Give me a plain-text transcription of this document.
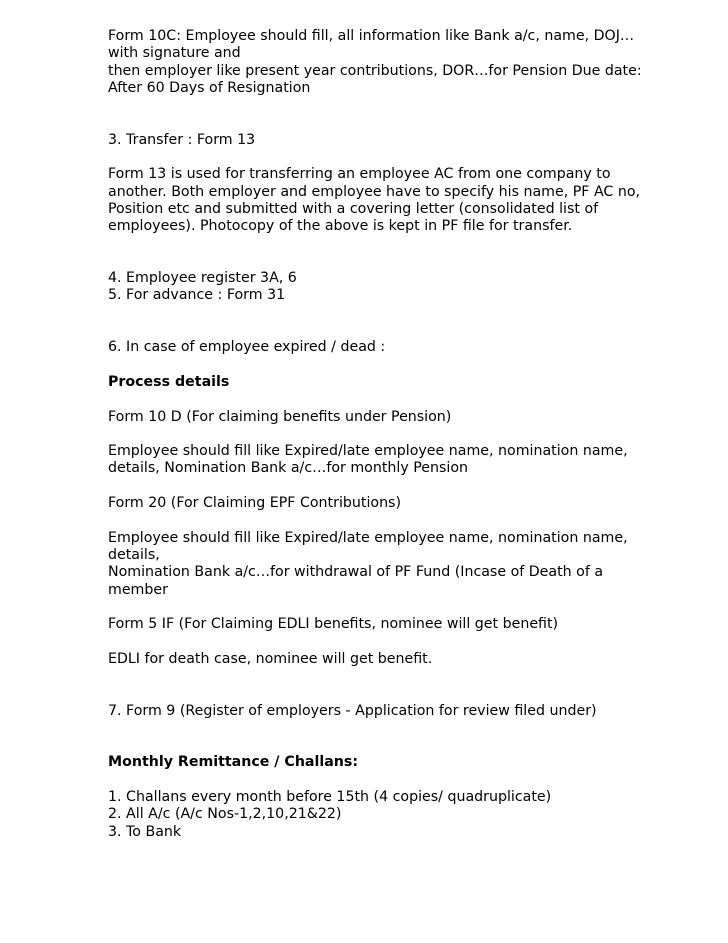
Form 10C: Employee should fill, all information like Bank a/c, name, DOJ…
with signature and
then employer like present year contributions, DOR…for Pension Due date:
After 60 Days of Resignation
3. Transfer : Form 13
Form 13 is used for transferring an employee AC from one company to
another. Both employer and employee have to specify his name, PF AC no,
Position etc and submitted with a covering letter (consolidated list of
employees). Photocopy of the above is kept in PF file for transfer.
4. Employee register 3A, 6
5. For advance : Form 31
6. In case of employee expired / dead :
Process details
Form 10 D (For claiming benefits under Pension)
Employee should fill like Expired/late employee name, nomination name,
details, Nomination Bank a/c…for monthly Pension
Form 20 (For Claiming EPF Contributions)
Employee should fill like Expired/late employee name, nomination name,
details,
Nomination Bank a/c…for withdrawal of PF Fund (Incase of Death of a
member
Form 5 IF (For Claiming EDLI benefits, nominee will get benefit)
EDLI for death case, nominee will get benefit.
7. Form 9 (Register of employers - Application for review filed under)
Monthly Remittance / Challans:
1. Challans every month before 15th (4 copies/ quadruplicate)
2. All A/c (A/c Nos-1,2,10,21&22)
3. To Bank
